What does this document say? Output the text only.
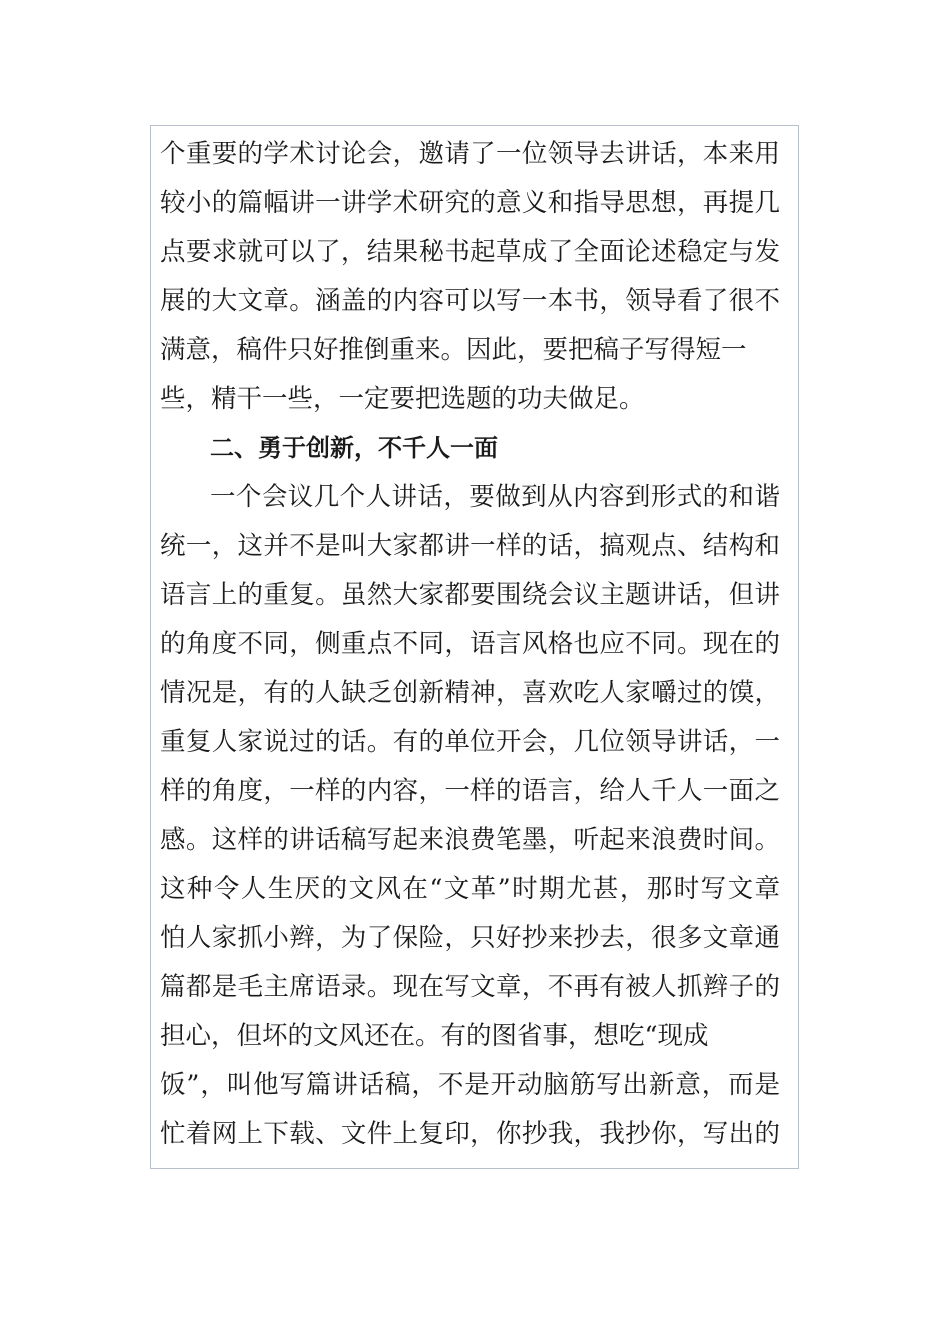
个重要的学术讨论会，邀请了一位领导去讲话，本来用
较小的篇幅讲一讲学术研究的意义和指导思想，再提几
点要求就可以了，结果秘书起草成了全面论述稳定与发
展的大文章。涵盖的内容可以写一本书，领导看了很不
满意，稿件只好推倒重来。因此，要把稿子写得短一
些，精干一些，一定要把选题的功夫做足。
二、勇于创新，不千人一面
一个会议几个人讲话，要做到从内容到形式的和谐
统一，这并不是叫大家都讲一样的话，搞观点、结构和
语言上的重复。虽然大家都要围绕会议主题讲话，但讲
的角度不同，侧重点不同，语言风格也应不同。现在的
情况是，有的人缺乏创新精神，喜欢吃人家嚼过的馍，
重复人家说过的话。有的单位开会，几位领导讲话，一
样的角度，一样的内容，一样的语言，给人千人一面之
感。这样的讲话稿写起来浪费笔墨，听起来浪费时间。
这种令人生厌的文风在“文革”时期尤甚，那时写文章
怕人家抓小辫，为了保险，只好抄来抄去，很多文章通
篇都是毛主席语录。现在写文章，不再有被人抓辫子的
担心，但坏的文风还在。有的图省事，想吃“现成
饭”，叫他写篇讲话稿，不是开动脑筋写出新意，而是
忙着网上下载、文件上复印，你抄我，我抄你，写出的
